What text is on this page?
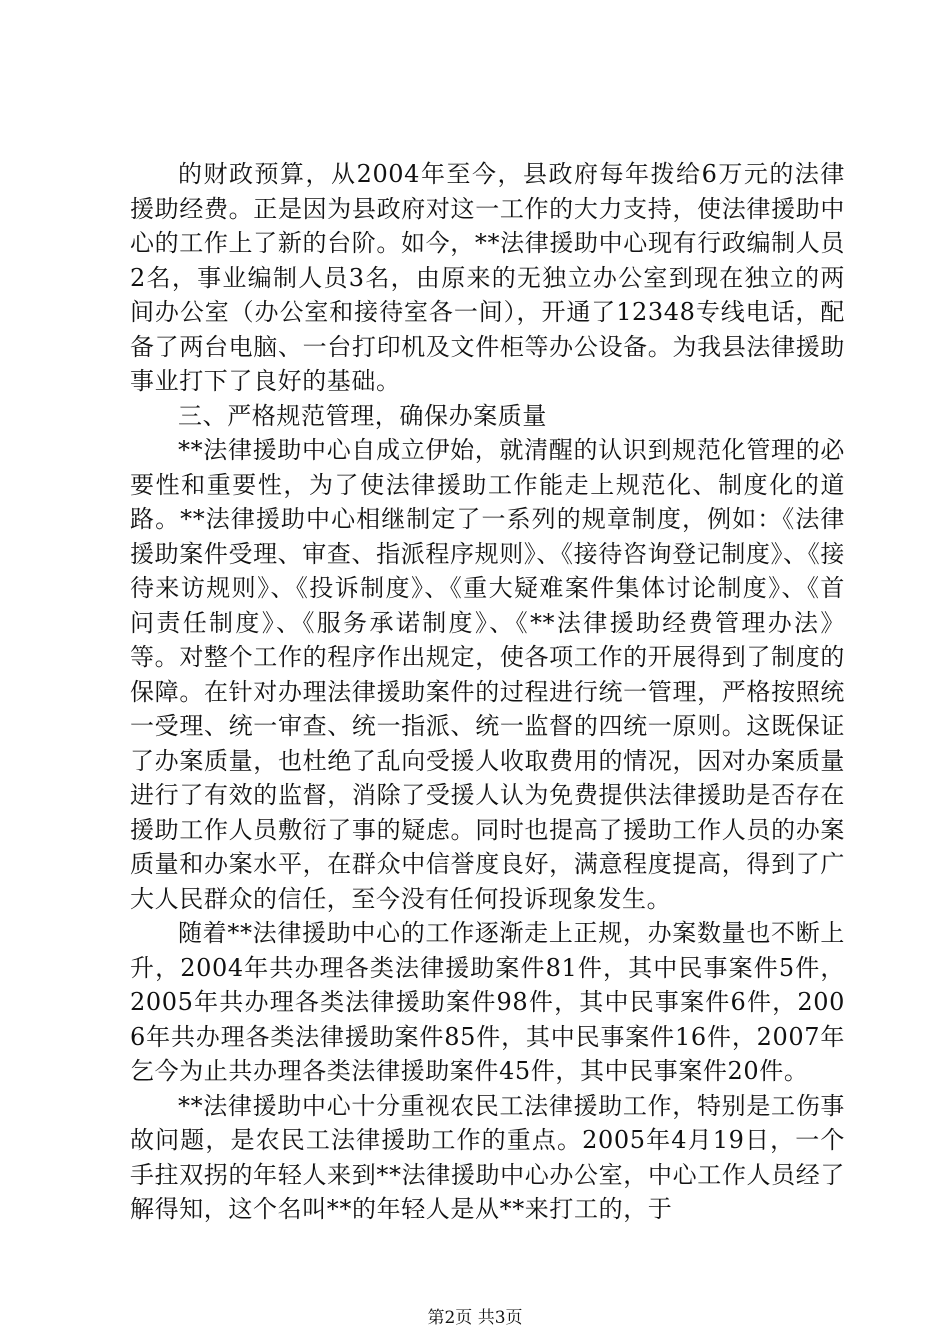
的财政预算，从2004年至今，县政府每年拨给6万元的法律援助经费。正是因为县政府对这一工作的大力支持，使法律援助中心的工作上了新的台阶。如今，**法律援助中心现有行政编制人员2名，事业编制人员3名，由原来的无独立办公室到现在独立的两间办公室（办公室和接待室各一间），开通了12348专线电话，配备了两台电脑、一台打印机及文件柜等办公设备。为我县法律援助事业打下了良好的基础。

三、严格规范管理，确保办案质量

**法律援助中心自成立伊始，就清醒的认识到规范化管理的必要性和重要性，为了使法律援助工作能走上规范化、制度化的道路。**法律援助中心相继制定了一系列的规章制度，例如：《法律援助案件受理、审查、指派程序规则》、《接待咨询登记制度》、《接待来访规则》、《投诉制度》、《重大疑难案件集体讨论制度》、《首问责任制度》、《服务承诺制度》、《**法律援助经费管理办法》等。对整个工作的程序作出规定，使各项工作的开展得到了制度的保障。在针对办理法律援助案件的过程进行统一管理，严格按照统一受理、统一审查、统一指派、统一监督的四统一原则。这既保证了办案质量，也杜绝了乱向受援人收取费用的情况，因对办案质量进行了有效的监督，消除了受援人认为免费提供法律援助是否存在援助工作人员敷衍了事的疑虑。同时也提高了援助工作人员的办案质量和办案水平，在群众中信誉度良好，满意程度提高，得到了广大人民群众的信任，至今没有任何投诉现象发生。

随着**法律援助中心的工作逐渐走上正规，办案数量也不断上升，2004年共办理各类法律援助案件81件，其中民事案件5件，2005年共办理各类法律援助案件98件，其中民事案件6件，2006年共办理各类法律援助案件85件，其中民事案件16件，2007年乞今为止共办理各类法律援助案件45件，其中民事案件20件。

**法律援助中心十分重视农民工法律援助工作，特别是工伤事故问题，是农民工法律援助工作的重点。2005年4月19日，一个手拄双拐的年轻人来到**法律援助中心办公室，中心工作人员经了解得知，这个名叫**的年轻人是从**来打工的，于

第2页 共3页
